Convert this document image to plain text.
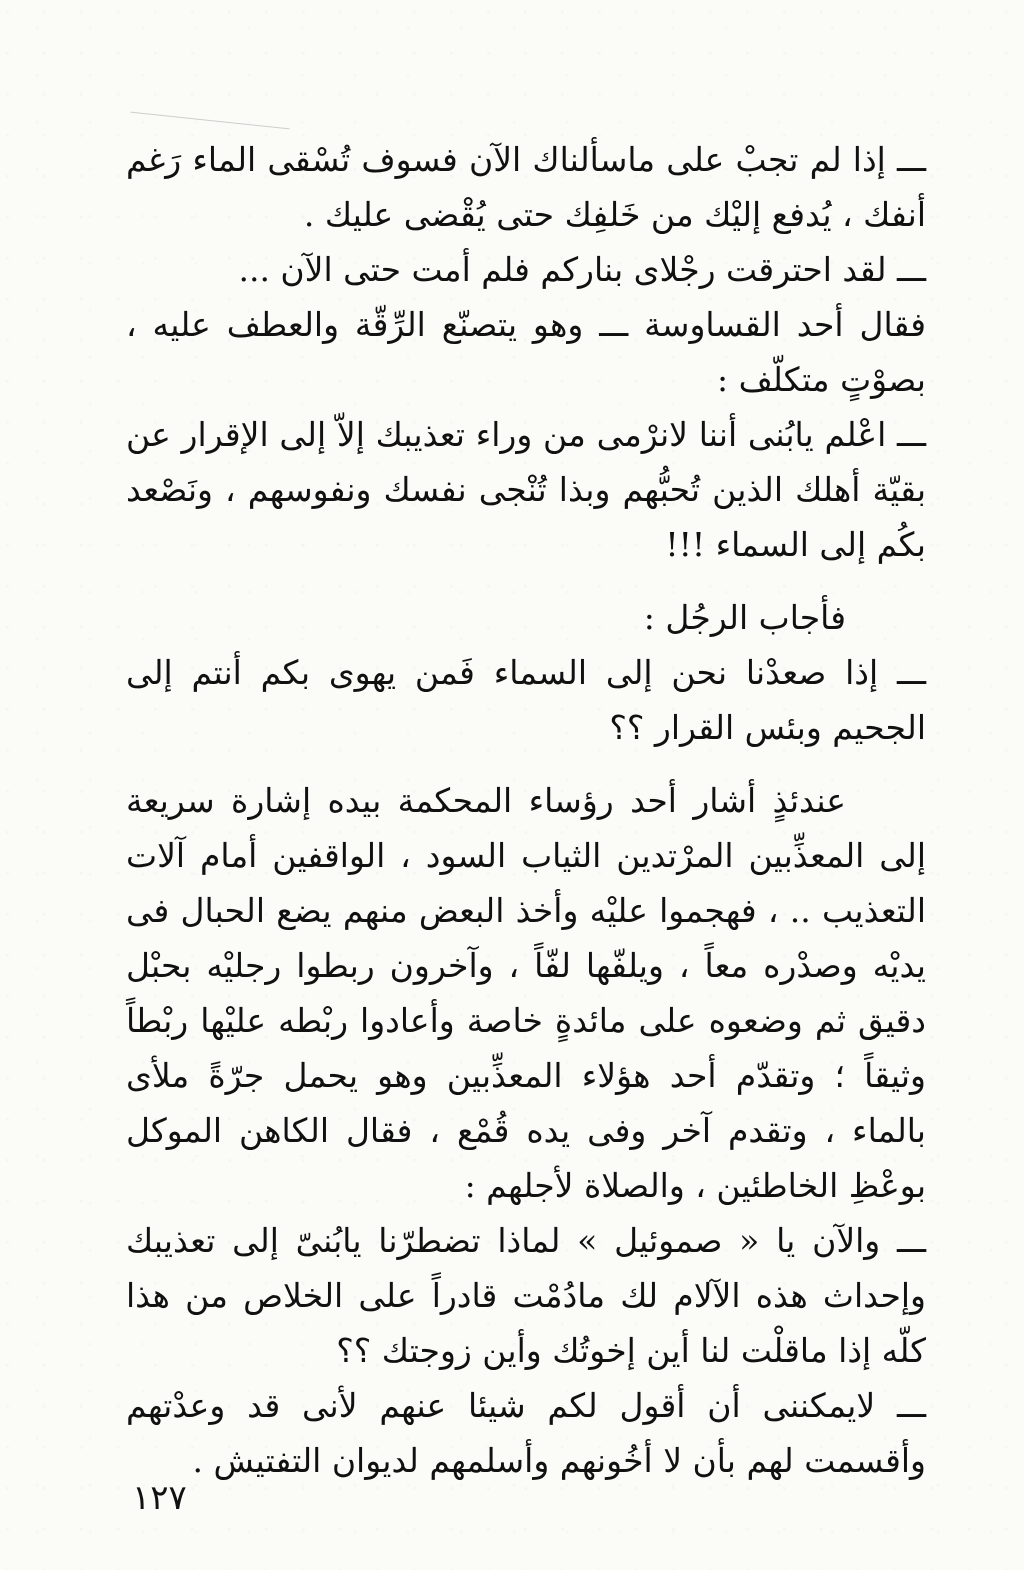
ـــ إذا لم تجبْ على ماسألناك الآن فسوف تُسْقى الماء رَغم أنفك ، يُدفع إليْك من خَلفِك حتى يُقْضى عليك .

ـــ لقد احترقت رجْلاى بناركم فلم أمت حتى الآن ...

فقال أحد القساوسة ـــ وهو يتصنّع الرِّقّة والعطف عليه ، بصوْتٍ متكلّف :

ـــ اعْلم يابُنى أننا لانرْمى من وراء تعذيبك إلاّ إلى الإقرار عن بقيّة أهلك الذين تُحبُّهم وبذا تُنْجى نفسك ونفوسهم ، ونَصْعد بكُم إلى السماء !!!

فأجاب الرجُل :

ـــ إذا صعدْنا نحن إلى السماء فَمن يهوى بكم أنتم إلى الجحيم وبئس القرار ؟؟

عندئذٍ أشار أحد رؤساء المحكمة بيده إشارة سريعة إلى المعذِّبين المرْتدين الثياب السود ، الواقفين أمام آلات التعذيب .. ، فهجموا عليْه وأخذ البعض منهم يضع الحبال فى يديْه وصدْره معاً ، ويلفّها لفّاً ، وآخرون ربطوا رجليْه بحبْل دقيق ثم وضعوه على مائدةٍ خاصة وأعادوا ربْطه عليْها ربْطاً وثيقاً ؛ وتقدّم أحد هؤلاء المعذِّبين وهو يحمل جرّةً ملأى بالماء ، وتقدم آخر وفى يده قُمْع ، فقال الكاهن الموكل بوعْظِ الخاطئين ، والصلاة لأجلهم :

ـــ والآن يا « صموئيل » لماذا تضطرّنا يابُنىّ إلى تعذيبك وإحداث هذه الآلام لك مادُمْت قادراً على الخلاص من هذا كلّه إذا ماقلْت لنا أين إخوتُك وأين زوجتك ؟؟

ـــ لايمكننى أن أقول لكم شيئا عنهم لأنى قد وعدْتهم وأقسمت لهم بأن لا أخُونهم وأسلمهم لديوان التفتيش .

١٢٧
